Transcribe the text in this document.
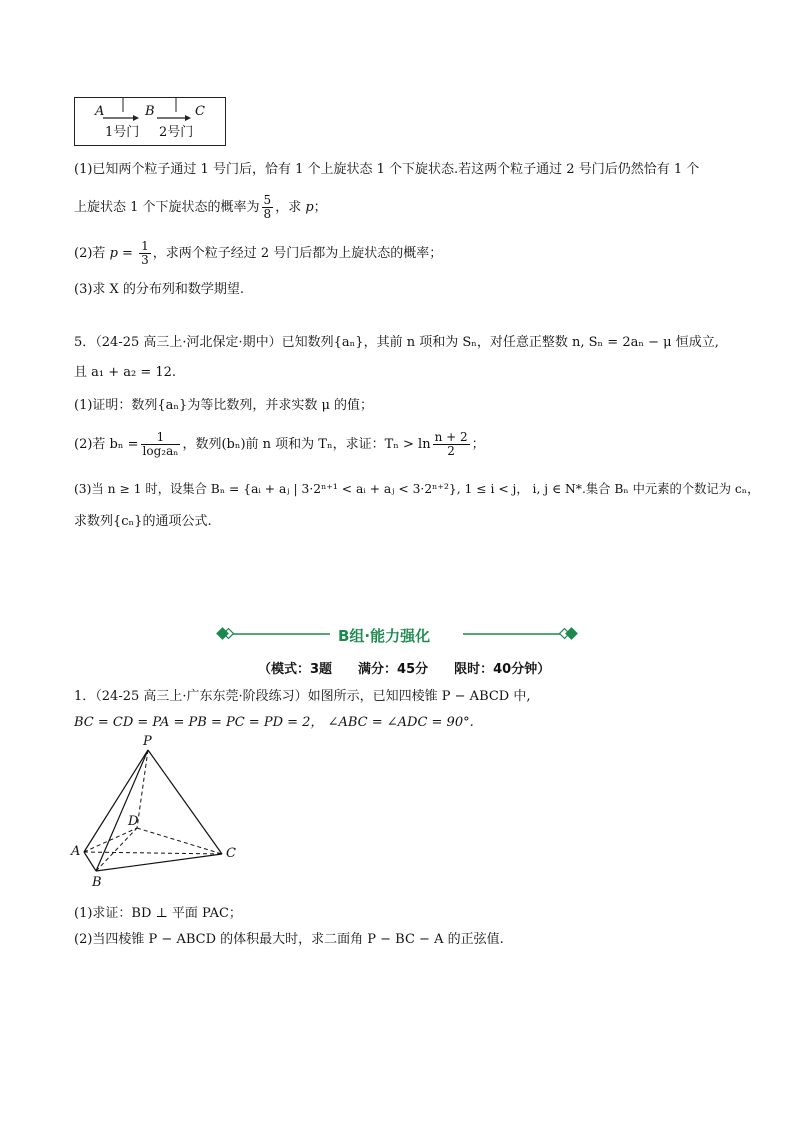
A	B	C
1号门 2号门
(1)已知两个粒子通过 1 号门后，恰有 1 个上旋状态 1 个下旋状态.若这两个粒子通过 2 号门后仍然恰有 1 个
上旋状态 1 个下旋状态的概率为 $\frac{5}{8}$ ，求 p；
(2)若 $p = \frac{1}{3}$ ，求两个粒子经过 2 号门后都为上旋状态的概率；
(3)求 X 的分布列和数学期望.
5．（24-25 高三上·河北保定·期中）已知数列{aₙ}，其前 n 项和为 Sₙ，对任意正整数 n, Sₙ = 2aₙ − μ 恒成立,
且 a₁ + a₂ = 12.
(1)证明：数列{aₙ}为等比数列，并求实数 μ 的值；
(2)若 $b_n = \frac{1}{\text{log₂aₙ}}$ ，数列(bₙ)前 n 项和为 Tₙ，求证：$T_n > \ln \frac{n + 2}{2}$ ；
(3)当 n ≥ 1 时，设集合 Bₙ = {aᵢ + aⱼ | 3·2ⁿ⁺¹ < aᵢ + aⱼ < 3·2ⁿ⁺²}, 1 ≤ i < j， i, j ∈ N*.集合 Bₙ 中元素的个数记为 cₙ，
求数列{cₙ}的通项公式.
B组·能力强化
（模式：3题　　满分：45分　　限时：40分钟）
1．（24-25 高三上·广东东莞·阶段练习）如图所示，已知四棱锥 P − ABCD 中,
BC = CD = PA = PB = PC = PD = 2， ∠ABC = ∠ADC = 90°.
P
A
B
C
D
(1)求证：BD ⊥ 平面 PAC；
(2)当四棱锥 P − ABCD 的体积最大时，求二面角 P − BC − A 的正弦值.
